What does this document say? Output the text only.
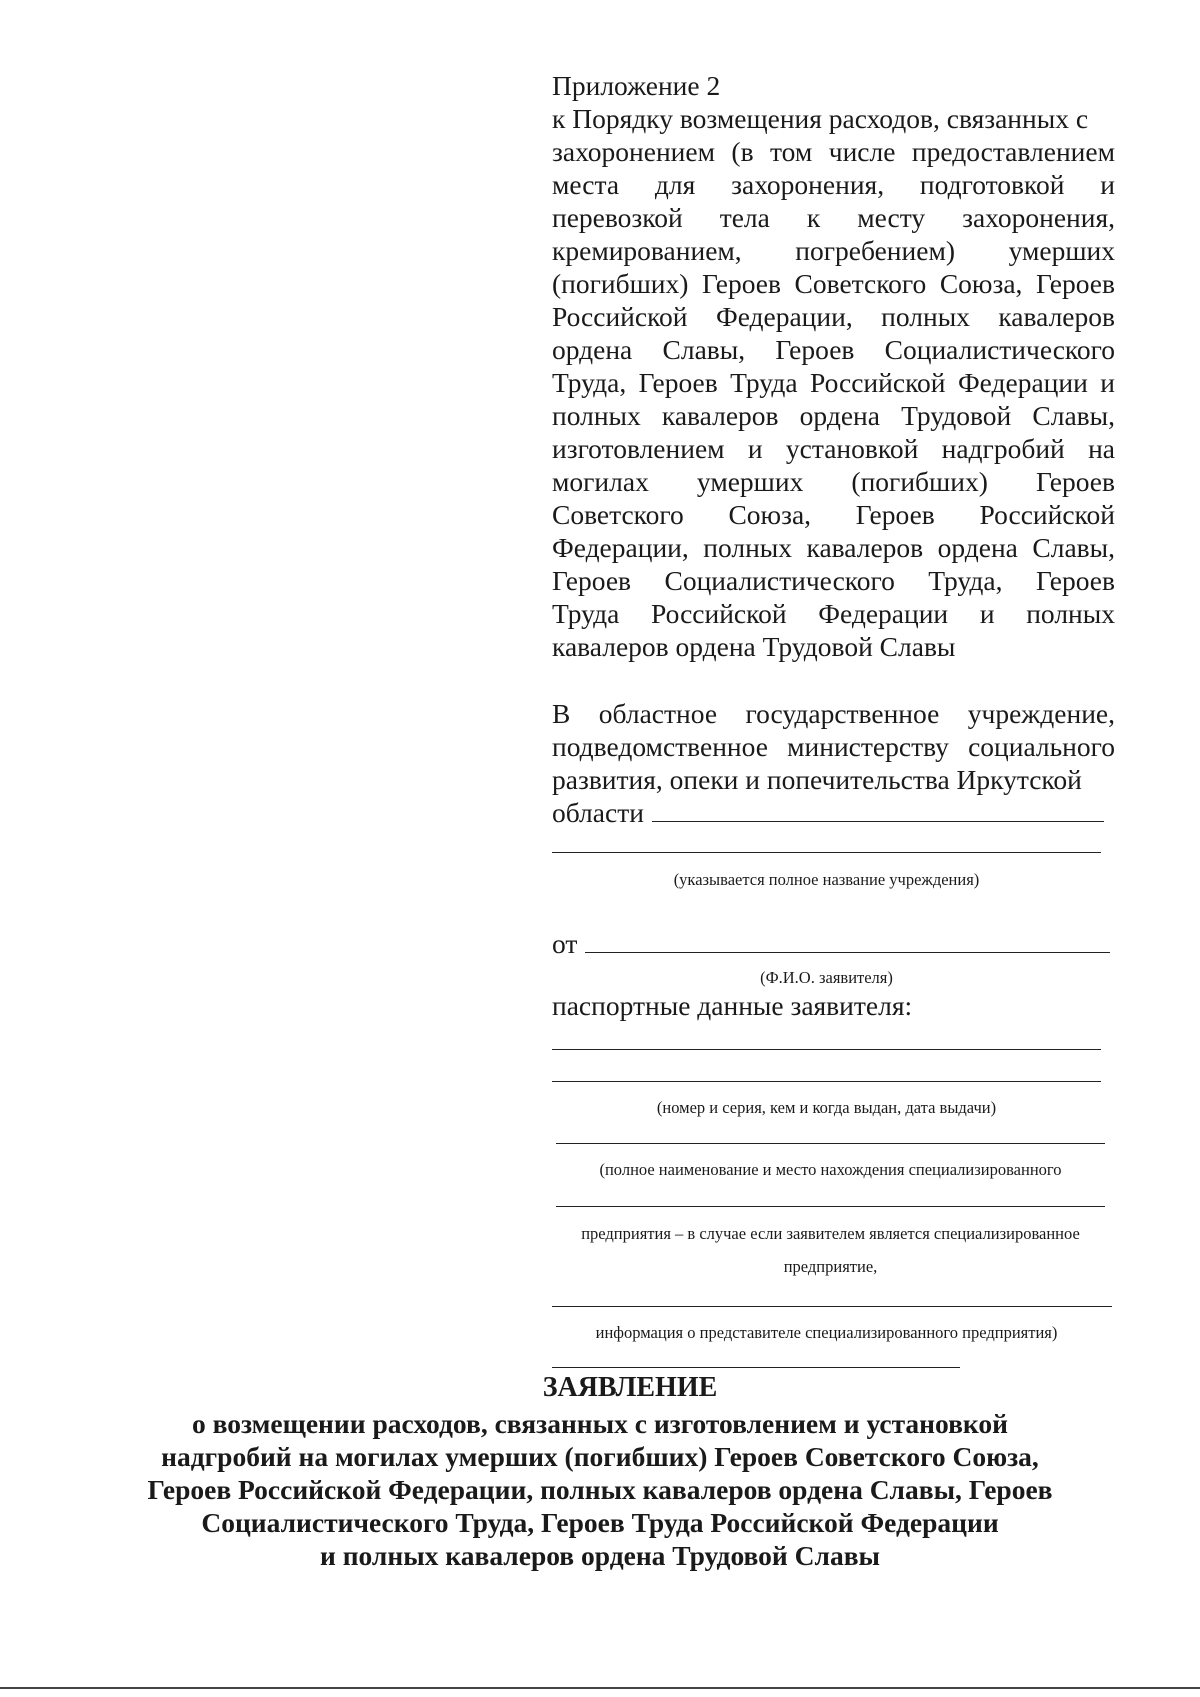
Приложение 2

к Порядку возмещения расходов, связанных с

захоронением (в том числе предоставлением

места для захоронения, подготовкой и

перевозкой тела к месту захоронения,

кремированием, погребением) умерших

(погибших) Героев Советского Союза, Героев

Российской Федерации, полных кавалеров

ордена Славы, Героев Социалистического

Труда, Героев Труда Российской Федерации и

полных кавалеров ордена Трудовой Славы,

изготовлением и установкой надгробий на

могилах умерших (погибших) Героев

Советского Союза, Героев Российской

Федерации, полных кавалеров ордена Славы,

Героев Социалистического Труда, Героев

Труда Российской Федерации и полных

кавалеров ордена Трудовой Славы

В областное государственное учреждение,

подведомственное министерству социального

развития, опеки и попечительства Иркутской

области

(указывается полное название учреждения)

от

(Ф.И.О. заявителя)

паспортные данные заявителя:

(номер и серия, кем и когда выдан, дата выдачи)

(полное наименование и место нахождения специализированного

предприятия – в случае если заявителем является специализированное

предприятие,

информация о представителе специализированного предприятия)

ЗАЯВЛЕНИЕ

о возмещении расходов, связанных с изготовлением и установкой

надгробий на могилах умерших (погибших) Героев Советского Союза,

Героев Российской Федерации, полных кавалеров ордена Славы, Героев

Социалистического Труда, Героев Труда Российской Федерации

и полных кавалеров ордена Трудовой Славы
